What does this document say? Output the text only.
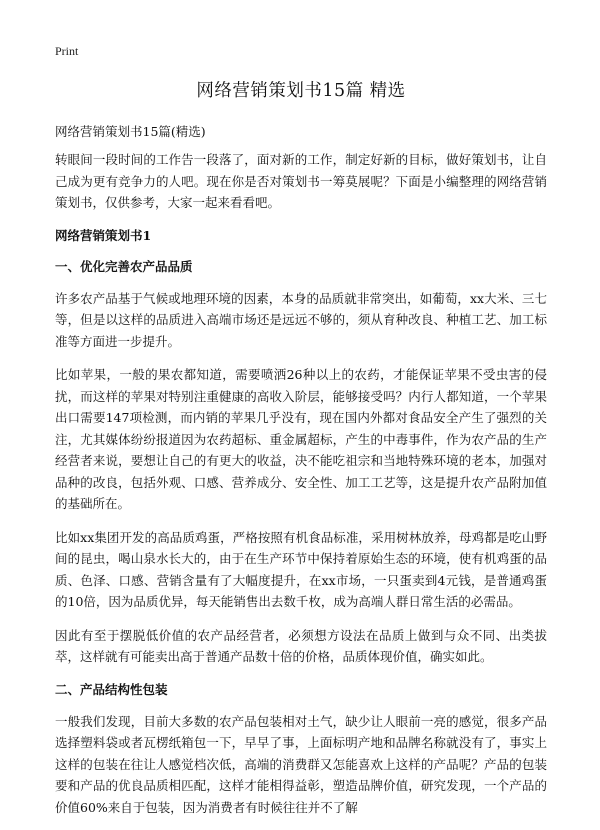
Print
网络营销策划书15篇 精选

网络营销策划书15篇(精选)

转眼间一段时间的工作告一段落了，面对新的工作，制定好新的目标，做好策划书，让自己成为更有竞争力的人吧。现在你是否对策划书一筹莫展呢？下面是小编整理的网络营销策划书，仅供参考，大家一起来看看吧。

网络营销策划书1

一、优化完善农产品品质

许多农产品基于气候或地理环境的因素，本身的品质就非常突出，如葡萄，xx大米、三七等，但是以这样的品质进入高端市场还是远远不够的，须从育种改良、种植工艺、加工标准等方面进一步提升。

比如苹果，一般的果农都知道，需要喷洒26种以上的农药，才能保证苹果不受虫害的侵扰，而这样的苹果对特别注重健康的高收入阶层，能够接受吗？内行人都知道，一个苹果出口需要147项检测，而内销的苹果几乎没有，现在国内外都对食品安全产生了强烈的关注，尤其媒体纷纷报道因为农药超标、重金属超标，产生的中毒事件，作为农产品的生产经营者来说，要想让自己的有更大的收益，决不能吃祖宗和当地特殊环境的老本，加强对品种的改良，包括外观、口感、营养成分、安全性、加工工艺等，这是提升农产品附加值的基础所在。

比如xx集团开发的高品质鸡蛋，严格按照有机食品标准，采用树林放养，母鸡都是吃山野间的昆虫，喝山泉水长大的，由于在生产环节中保持着原始生态的环境，使有机鸡蛋的品质、色泽、口感、营销含量有了大幅度提升，在xx市场，一只蛋卖到4元钱，是普通鸡蛋的10倍，因为品质优异，每天能销售出去数千枚，成为高端人群日常生活的必需品。

因此有至于摆脱低价值的农产品经营者，必须想方设法在品质上做到与众不同、出类拔萃，这样就有可能卖出高于普通产品数十倍的价格，品质体现价值，确实如此。

二、产品结构性包装

一般我们发现，目前大多数的农产品包装相对土气，缺少让人眼前一亮的感觉，很多产品选择塑料袋或者瓦楞纸箱包一下，早早了事，上面标明产地和品牌名称就没有了，事实上这样的包装在往让人感觉档次低，高端的消费群又怎能喜欢上这样的产品呢？产品的包装要和产品的优良品质相匹配，这样才能相得益彰，塑造品牌价值，研究发现，一个产品的价值60%来自于包装，因为消费者有时候往往并不了解
